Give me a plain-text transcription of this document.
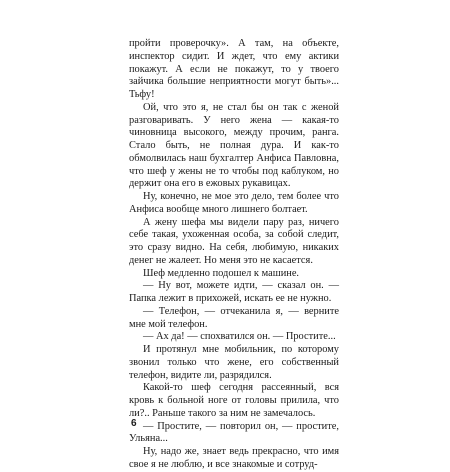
пройти проверочку». А там, на объекте, инспектор сидит. И ждет, что ему актики покажут. А если не покажут, то у твоего зайчика большие неприятности могут быть»... Тьфу!

Ой, что это я, не стал бы он так с женой разговаривать. У него жена — какая-то чиновница высокого, между прочим, ранга. Стало быть, не полная дура. И как-то обмолвилась наш бухгалтер Анфиса Павловна, что шеф у жены не то чтобы под каблуком, но держит она его в ежовых рукавицах.

Ну, конечно, не мое это дело, тем более что Анфиса вообще много лишнего болтает.

А жену шефа мы видели пару раз, ничего себе такая, ухоженная особа, за собой следит, это сразу видно. На себя, любимую, никаких денег не жалеет. Но меня это не касается.

Шеф медленно подошел к машине.

— Ну вот, можете идти, — сказал он. — Папка лежит в прихожей, искать ее не нужно.

— Телефон, — отчеканила я, — верните мне мой телефон.

— Ах да! — спохватился он. — Простите...

И протянул мне мобильник, по которому звонил только что жене, его собственный телефон, видите ли, разрядился.

Какой-то шеф сегодня рассеянный, вся кровь к больной ноге от головы прилила, что ли?.. Раньше такого за ним не замечалось.

— Простите, — повторил он, — простите, Ульяна...

Ну, надо же, знает ведь прекрасно, что имя свое я не люблю, и все знакомые и сотруд-

6
